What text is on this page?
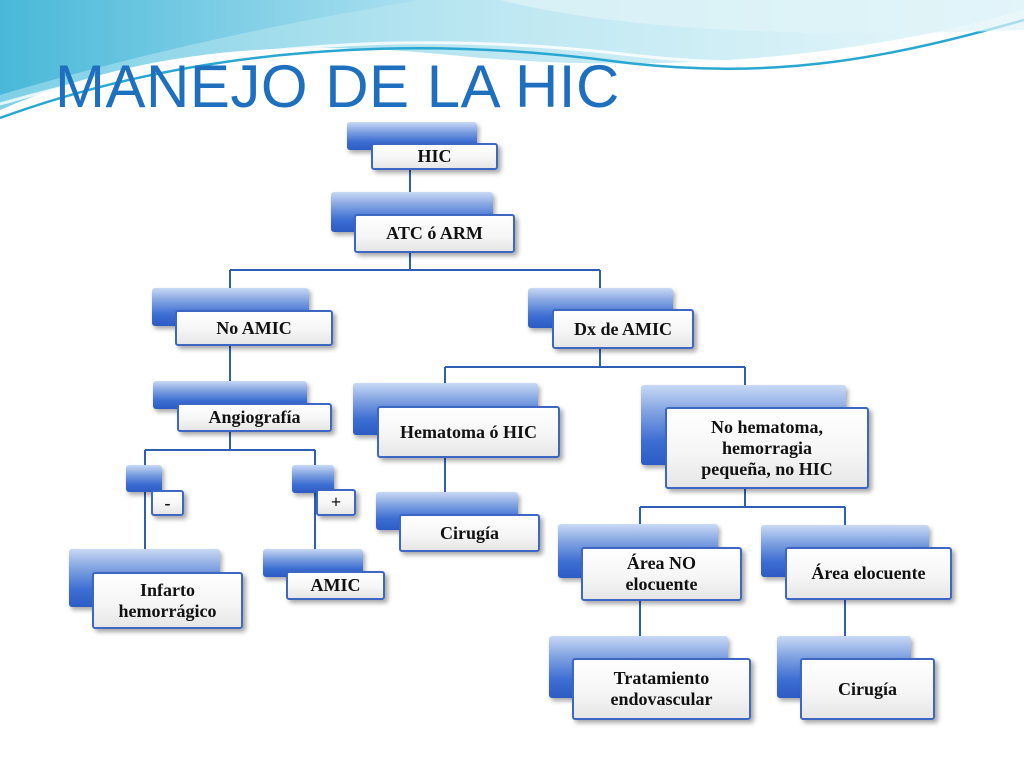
MANEJO DE LA HIC
HIC
ATC ó ARM
No AMIC	Dx de AMIC
Angiografía
Hematoma ó HIC	No hematoma,
hemorragia
pequeña, no HIC
-	+
Cirugía
Área NO
elocuente
Área elocuente
Infarto
hemorrágico
AMIC
Tratamiento
endovascular
Cirugía
